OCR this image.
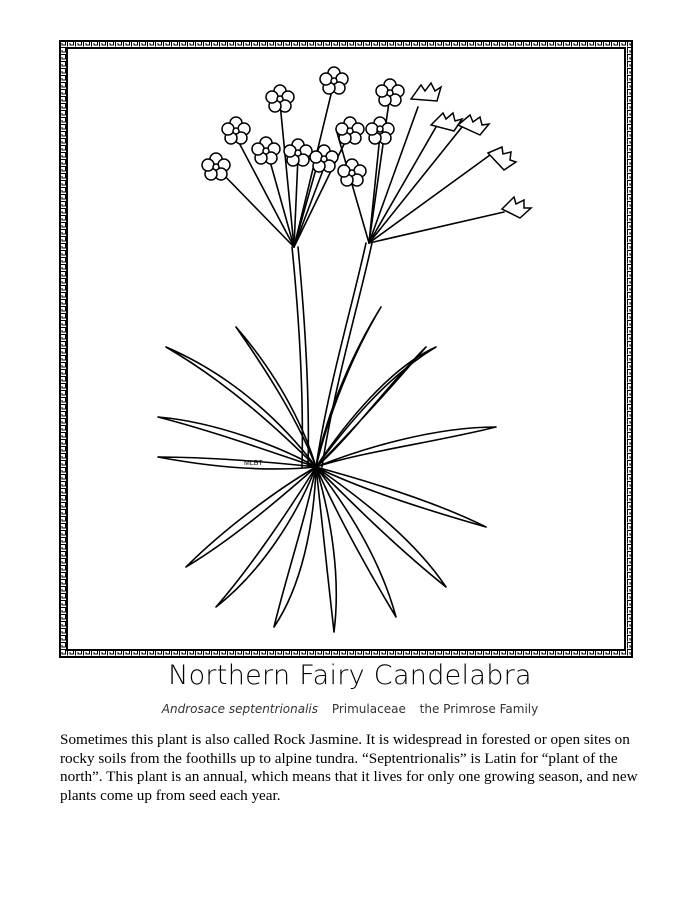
MLBT
Northern Fairy Candelabra
Androsace septentrionalis Primulaceae the Primrose Family
Sometimes this plant is also called Rock Jasmine. It is widespread in forested or open sites on rocky soils from the foothills up to alpine tundra. “Septentrionalis” is Latin for “plant of the north”. This plant is an annual, which means that it lives for only one growing season, and new plants come up from seed each year.
